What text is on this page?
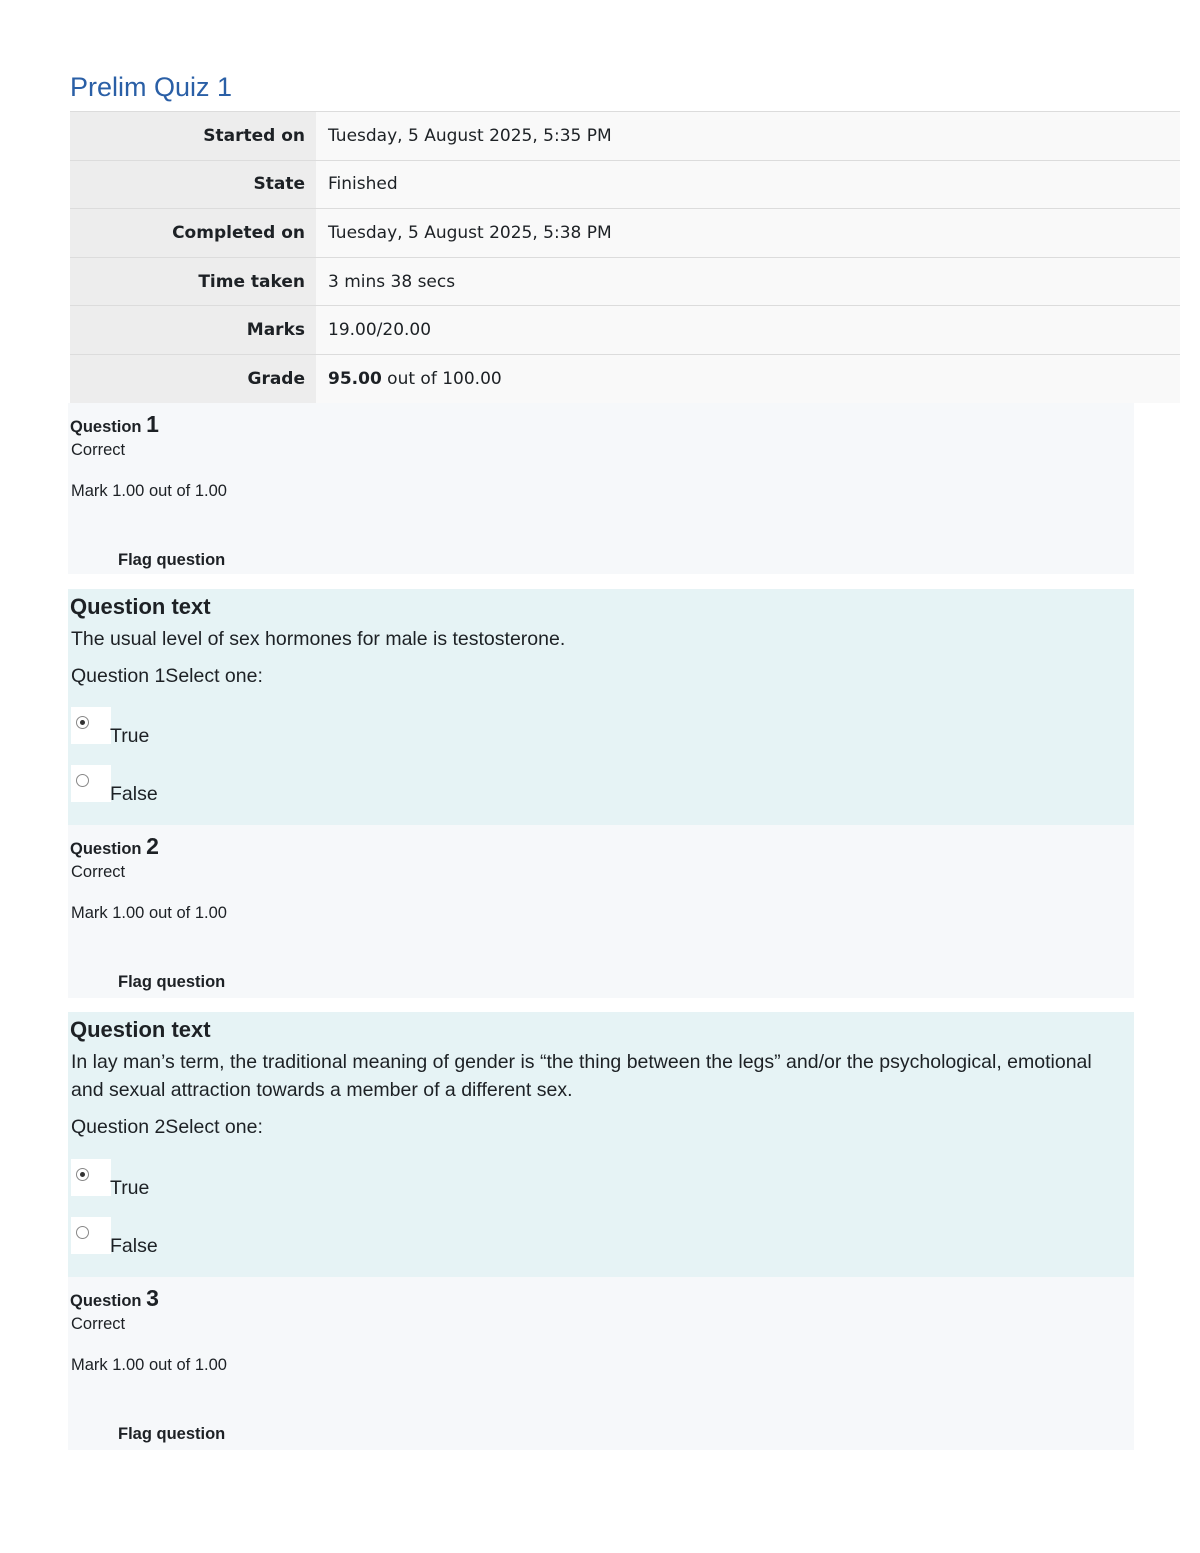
Prelim Quiz 1
Started on	Tuesday, 5 August 2025, 5:35 PM
State	Finished
Completed on	Tuesday, 5 August 2025, 5:38 PM
Time taken	3 mins 38 secs
Marks	19.00/20.00
Grade	95.00 out of 100.00
Question 1
Correct
Mark 1.00 out of 1.00
Flag question
Question text
The usual level of sex hormones for male is testosterone.
Question 1Select one:
True
False
Question 2
Correct
Mark 1.00 out of 1.00
Flag question
Question text
In lay man’s term, the traditional meaning of gender is “the thing between the legs” and/or the psychological, emotional and sexual attraction towards a member of a different sex.
Question 2Select one:
True
False
Question 3
Correct
Mark 1.00 out of 1.00
Flag question
